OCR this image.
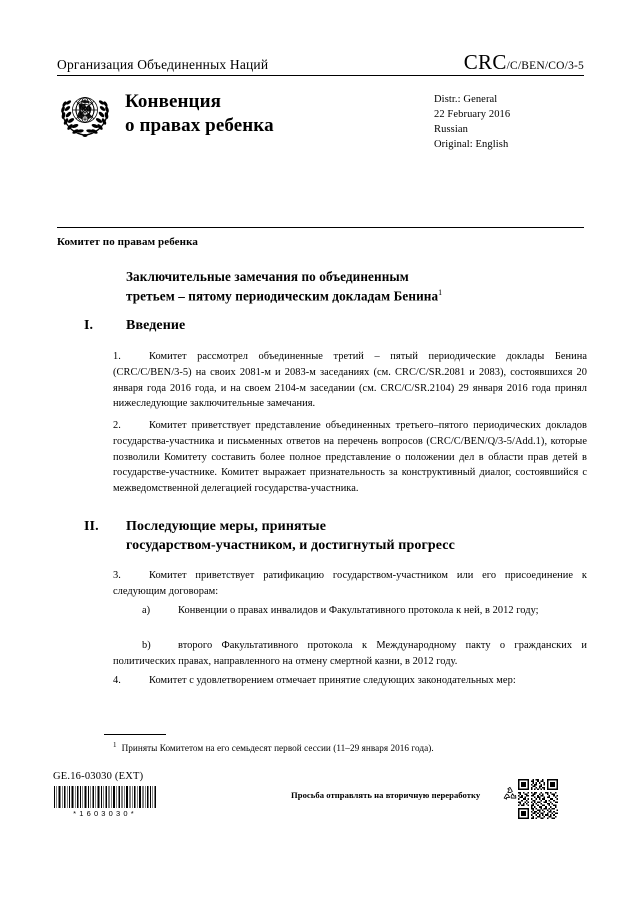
Организация Объединенных Наций	CRC/C/BEN/CO/3-5
Конвенция
о правах ребенка
Distr.: General
22 February 2016
Russian
Original: English
Комитет по правам ребенка
Заключительные замечания по объединенным
третьем – пятому периодическим докладам Бенина$^1$
I.	Введение
1.	Комитет рассмотрел объединенные третий – пятый периодические доклады Бенина (CRC/C/BEN/3-5) на своих 2081-м и 2083-м заседаниях (см. CRC/C/SR.2081 и 2083), состоявшихся 20 января года 2016 года, и на своем 2104-м заседании (см. CRC/C/SR.2104) 29 января 2016 года принял нижеследующие заключительные замечания.
2.	Комитет приветствует представление объединенных третьего–пятого периодических докладов государства-участника и письменных ответов на перечень вопросов (CRC/C/BEN/Q/3-5/Add.1), которые позволили Комитету составить более полное представление о положении дел в области прав детей в государстве-участнике. Комитет выражает признательность за конструктивный диалог, состоявшийся с межведомственной делегацией государства-участника.
II.	Последующие меры, принятые
государством-участником, и достигнутый прогресс
3.	Комитет приветствует ратификацию государством-участником или его присоединение к следующим договорам:
a)	Конвенции о правах инвалидов и Факультативного протокола к ней, в 2012 году;
b)	второго Факультативного протокола к Международному пакту о гражданских и политических правах, направленного на отмену смертной казни, в 2012 году.
4.	Комитет с удовлетворением отмечает принятие следующих законодательных мер:
$^1$ Приняты Комитетом на его семьдесят первой сессии (11–29 января 2016 года).
GE.16-03030 (EXT)
*1603030*
Просьба отправлять на вторичную переработку
